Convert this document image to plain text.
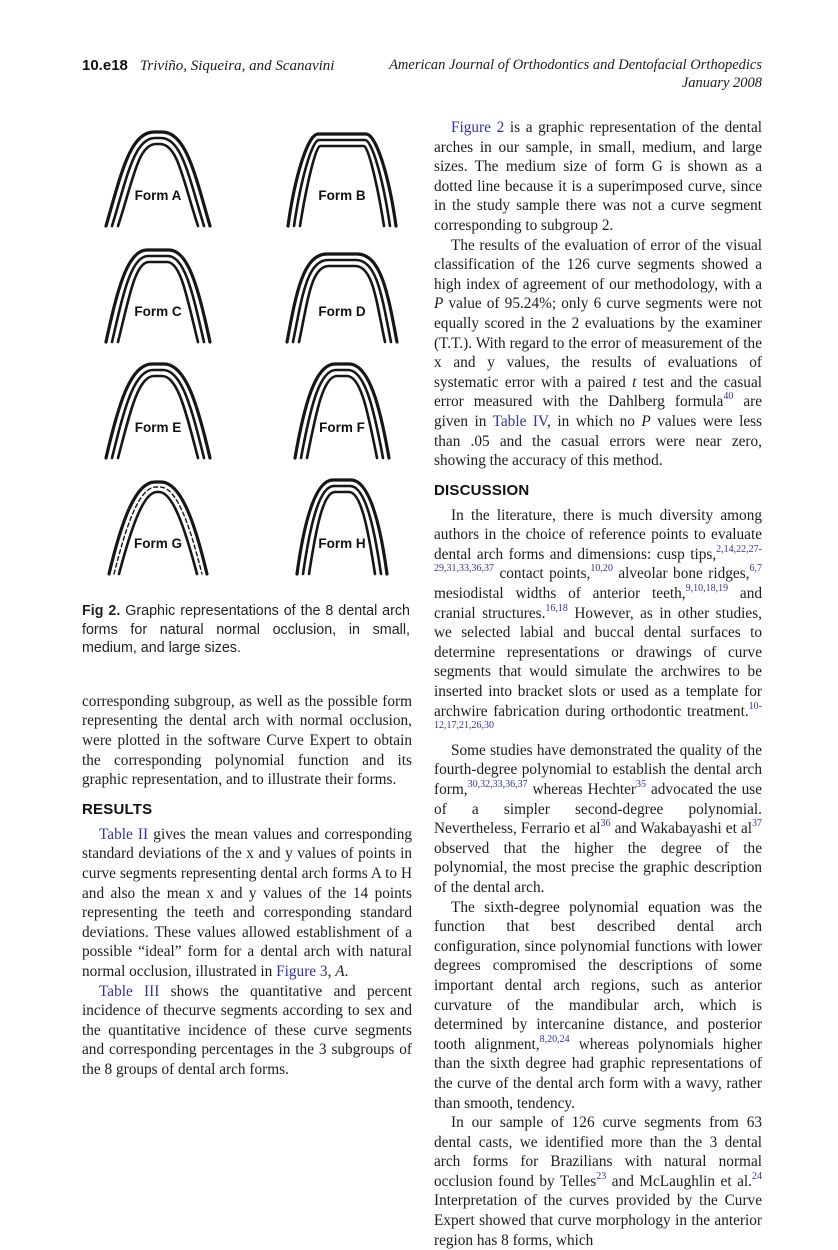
10.e18 Triviño, Siqueira, and Scanavini	American Journal of Orthodontics and Dentofacial Orthopedics
January 2008
Form A	Form B
Form C	Form D
Form E	Form F
Form G	Form H
Fig 2. Graphic representations of the 8 dental arch forms for natural normal occlusion, in small, medium, and large sizes.

corresponding subgroup, as well as the possible form representing the dental arch with normal occlusion, were plotted in the software Curve Expert to obtain the corresponding polynomial function and its graphic representation, and to illustrate their forms.

RESULTS

Table II gives the mean values and corresponding standard deviations of the x and y values of points in curve segments representing dental arch forms A to H and also the mean x and y values of the 14 points representing the teeth and corresponding standard deviations. These values allowed establishment of a possible “ideal” form for a dental arch with natural normal occlusion, illustrated in Figure 3, A.

Table III shows the quantitative and percent incidence of thecurve segments according to sex and the quantitative incidence of these curve segments and corresponding percentages in the 3 subgroups of the 8 groups of dental arch forms.

Figure 2 is a graphic representation of the dental arches in our sample, in small, medium, and large sizes. The medium size of form G is shown as a dotted line because it is a superimposed curve, since in the study sample there was not a curve segment corresponding to subgroup 2.

The results of the evaluation of error of the visual classification of the 126 curve segments showed a high index of agreement of our methodology, with a P value of 95.24%; only 6 curve segments were not equally scored in the 2 evaluations by the examiner (T.T.). With regard to the error of measurement of the x and y values, the results of evaluations of systematic error with a paired t test and the casual error measured with the Dahlberg formula$^{40}$ are given in Table IV, in which no P values were less than .05 and the casual errors were near zero, showing the accuracy of this method.

DISCUSSION

In the literature, there is much diversity among authors in the choice of reference points to evaluate dental arch forms and dimensions: cusp tips,$^{2,14,22,27-29,31,33,36,37}$ contact points,$^{10,20}$ alveolar bone ridges,$^{6,7}$ mesiodistal widths of anterior teeth,$^{9,10,18,19}$ and cranial structures.$^{16,18}$ However, as in other studies, we selected labial and buccal dental surfaces to determine representations or drawings of curve segments that would simulate the archwires to be inserted into bracket slots or used as a template for archwire fabrication during orthodontic treatment.$^{10-12,17,21,26,30}$

Some studies have demonstrated the quality of the fourth-degree polynomial to establish the dental arch form,$^{30,32,33,36,37}$ whereas Hechter$^{35}$ advocated the use of a simpler second-degree polynomial. Nevertheless, Ferrario et al$^{36}$ and Wakabayashi et al$^{37}$ observed that the higher the degree of the polynomial, the most precise the graphic description of the dental arch.

The sixth-degree polynomial equation was the function that best described dental arch configuration, since polynomial functions with lower degrees compromised the descriptions of some important dental arch regions, such as anterior curvature of the mandibular arch, which is determined by intercanine distance, and posterior tooth alignment,$^{8,20,24}$ whereas polynomials higher than the sixth degree had graphic representations of the curve of the dental arch form with a wavy, rather than smooth, tendency.

In our sample of 126 curve segments from 63 dental casts, we identified more than the 3 dental arch forms for Brazilians with natural normal occlusion found by Telles$^{23}$ and McLaughlin et al.$^{24}$ Interpretation of the curves provided by the Curve Expert showed that curve morphology in the anterior region has 8 forms, which
